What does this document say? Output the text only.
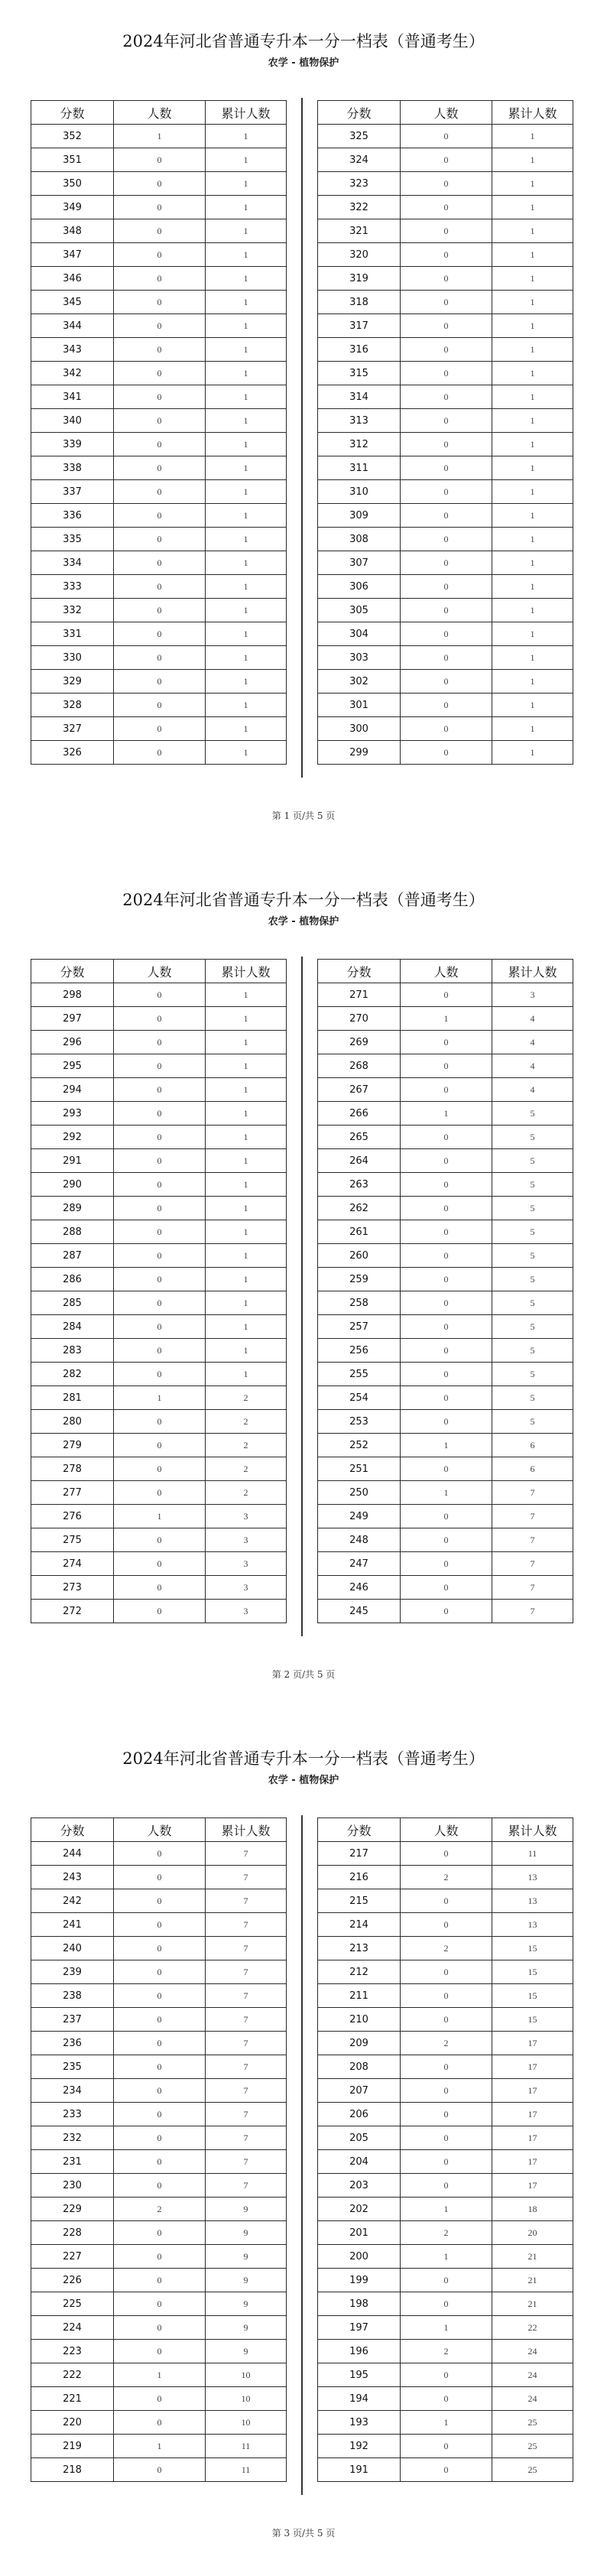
2024年河北省普通专升本一分一档表（普通考生）
农学 - 植物保护
分数	人数	累计人数
352	1	1
351	0	1
350	0	1
349	0	1
348	0	1
347	0	1
346	0	1
345	0	1
344	0	1
343	0	1
342	0	1
341	0	1
340	0	1
339	0	1
338	0	1
337	0	1
336	0	1
335	0	1
334	0	1
333	0	1
332	0	1
331	0	1
330	0	1
329	0	1
328	0	1
327	0	1
326	0	1
分数	人数	累计人数
325	0	1
324	0	1
323	0	1
322	0	1
321	0	1
320	0	1
319	0	1
318	0	1
317	0	1
316	0	1
315	0	1
314	0	1
313	0	1
312	0	1
311	0	1
310	0	1
309	0	1
308	0	1
307	0	1
306	0	1
305	0	1
304	0	1
303	0	1
302	0	1
301	0	1
300	0	1
299	0	1
第 1 页/共 5 页
2024年河北省普通专升本一分一档表（普通考生）
农学 - 植物保护
分数	人数	累计人数
298	0	1
297	0	1
296	0	1
295	0	1
294	0	1
293	0	1
292	0	1
291	0	1
290	0	1
289	0	1
288	0	1
287	0	1
286	0	1
285	0	1
284	0	1
283	0	1
282	0	1
281	1	2
280	0	2
279	0	2
278	0	2
277	0	2
276	1	3
275	0	3
274	0	3
273	0	3
272	0	3
分数	人数	累计人数
271	0	3
270	1	4
269	0	4
268	0	4
267	0	4
266	1	5
265	0	5
264	0	5
263	0	5
262	0	5
261	0	5
260	0	5
259	0	5
258	0	5
257	0	5
256	0	5
255	0	5
254	0	5
253	0	5
252	1	6
251	0	6
250	1	7
249	0	7
248	0	7
247	0	7
246	0	7
245	0	7
第 2 页/共 5 页
2024年河北省普通专升本一分一档表（普通考生）
农学 - 植物保护
分数	人数	累计人数
244	0	7
243	0	7
242	0	7
241	0	7
240	0	7
239	0	7
238	0	7
237	0	7
236	0	7
235	0	7
234	0	7
233	0	7
232	0	7
231	0	7
230	0	7
229	2	9
228	0	9
227	0	9
226	0	9
225	0	9
224	0	9
223	0	9
222	1	10
221	0	10
220	0	10
219	1	11
218	0	11
分数	人数	累计人数
217	0	11
216	2	13
215	0	13
214	0	13
213	2	15
212	0	15
211	0	15
210	0	15
209	2	17
208	0	17
207	0	17
206	0	17
205	0	17
204	0	17
203	0	17
202	1	18
201	2	20
200	1	21
199	0	21
198	0	21
197	1	22
196	2	24
195	0	24
194	0	24
193	1	25
192	0	25
191	0	25
第 3 页/共 5 页
